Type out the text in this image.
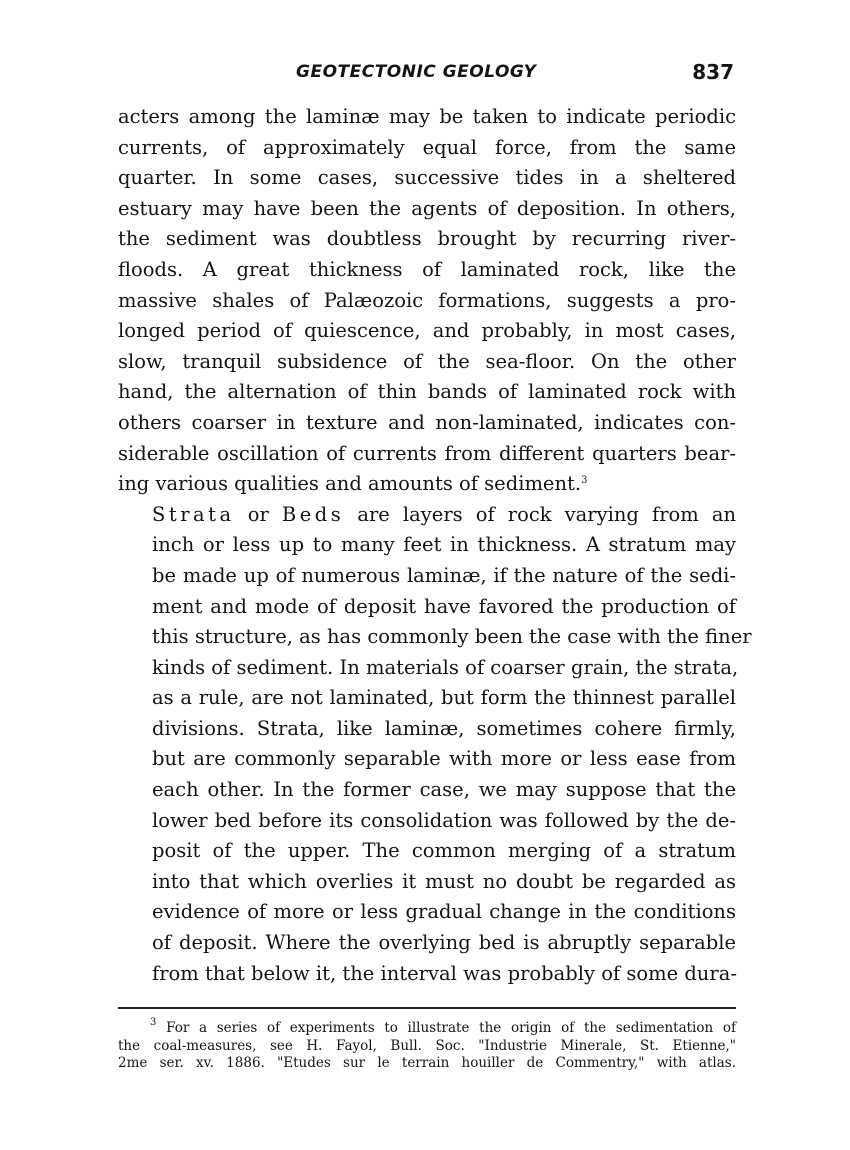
GEOTECTONIC GEOLOGY	837

acters among the laminæ may be taken to indicate periodic
currents, of approximately equal force, from the same
quarter. In some cases, successive tides in a sheltered
estuary may have been the agents of deposition. In others,
the sediment was doubtless brought by recurring river-
floods. A great thickness of laminated rock, like the
massive shales of Palæozoic formations, suggests a pro-
longed period of quiescence, and probably, in most cases,
slow, tranquil subsidence of the sea-floor. On the other
hand, the alternation of thin bands of laminated rock with
others coarser in texture and non-laminated, indicates con-
siderable oscillation of currents from different quarters bear-
ing various qualities and amounts of sediment.$^3$

Strata or Beds are layers of rock varying from an
inch or less up to many feet in thickness. A stratum may
be made up of numerous laminæ, if the nature of the sedi-
ment and mode of deposit have favored the production of
this structure, as has commonly been the case with the finer
kinds of sediment. In materials of coarser grain, the strata,
as a rule, are not laminated, but form the thinnest parallel
divisions. Strata, like laminæ, sometimes cohere firmly,
but are commonly separable with more or less ease from
each other. In the former case, we may suppose that the
lower bed before its consolidation was followed by the de-
posit of the upper. The common merging of a stratum
into that which overlies it must no doubt be regarded as
evidence of more or less gradual change in the conditions
of deposit. Where the overlying bed is abruptly separable
from that below it, the interval was probably of some dura-

$^3$ For a series of experiments to illustrate the origin of the sedimentation of
the coal-measures, see H. Fayol, Bull. Soc. "Industrie Minerale, St. Etienne,"
2me ser. xv. 1886. "Etudes sur le terrain houiller de Commentry," with atlas.
